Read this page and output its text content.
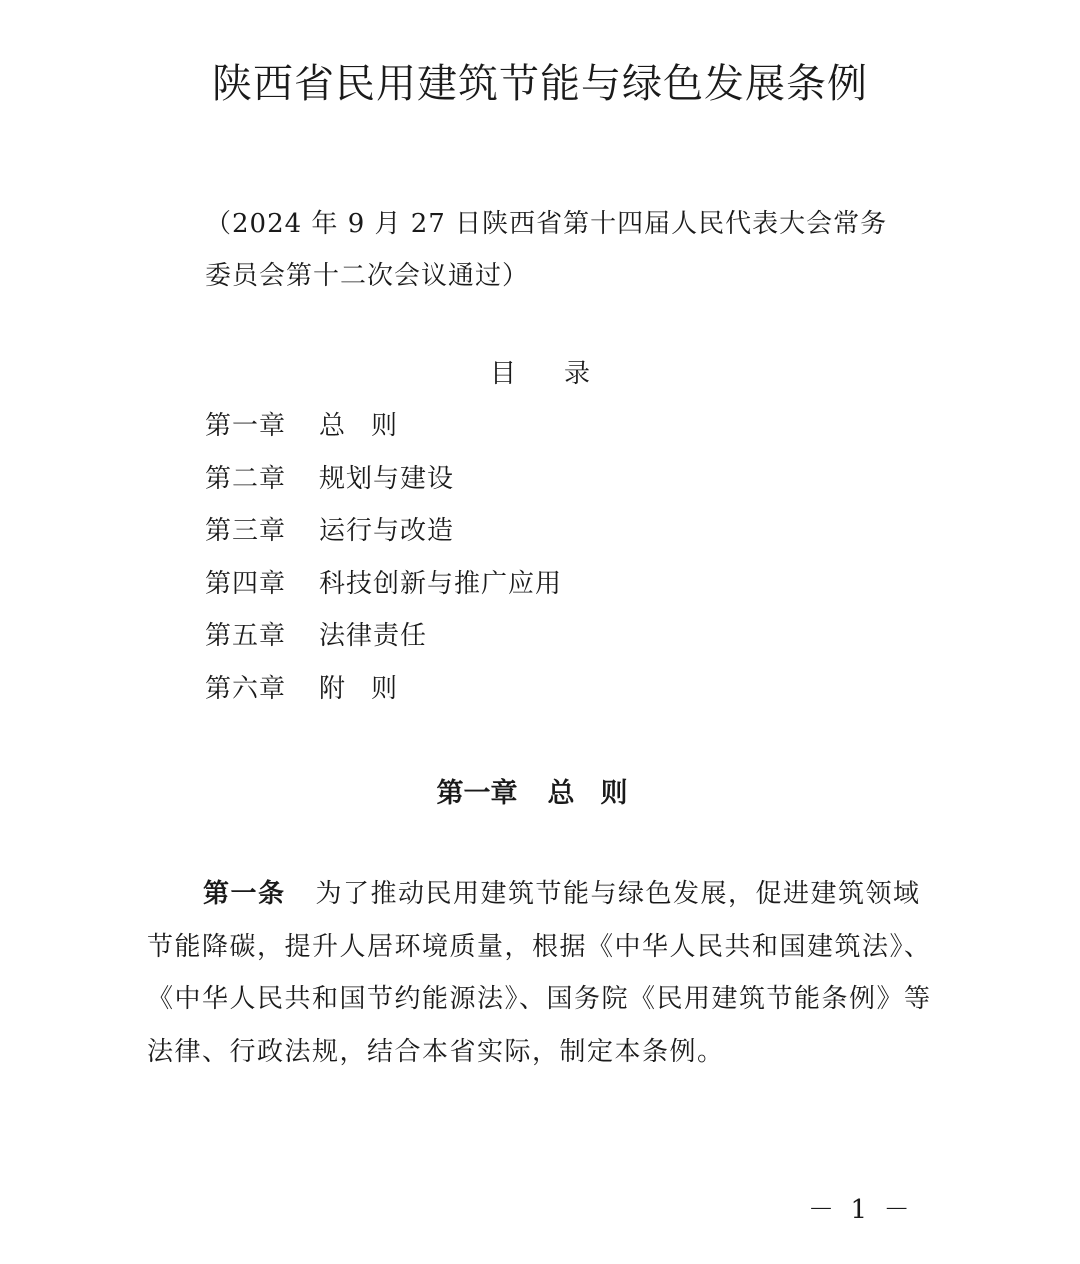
陕西省民用建筑节能与绿色发展条例
（2024 年 9 月 27 日陕西省第十四届人民代表大会常务
委员会第十二次会议通过）
目录
第一章	总则
第二章	规划与建设
第三章	运行与改造
第四章	科技创新与推广应用
第五章	法律责任
第六章	附则
第一章 总则
第一条 为了推动民用建筑节能与绿色发展，促进建筑领域
节能降碳，提升人居环境质量，根据《中华人民共和国建筑法》、
《中华人民共和国节约能源法》、国务院《民用建筑节能条例》等
法律、行政法规，结合本省实际，制定本条例。
－  1  －
